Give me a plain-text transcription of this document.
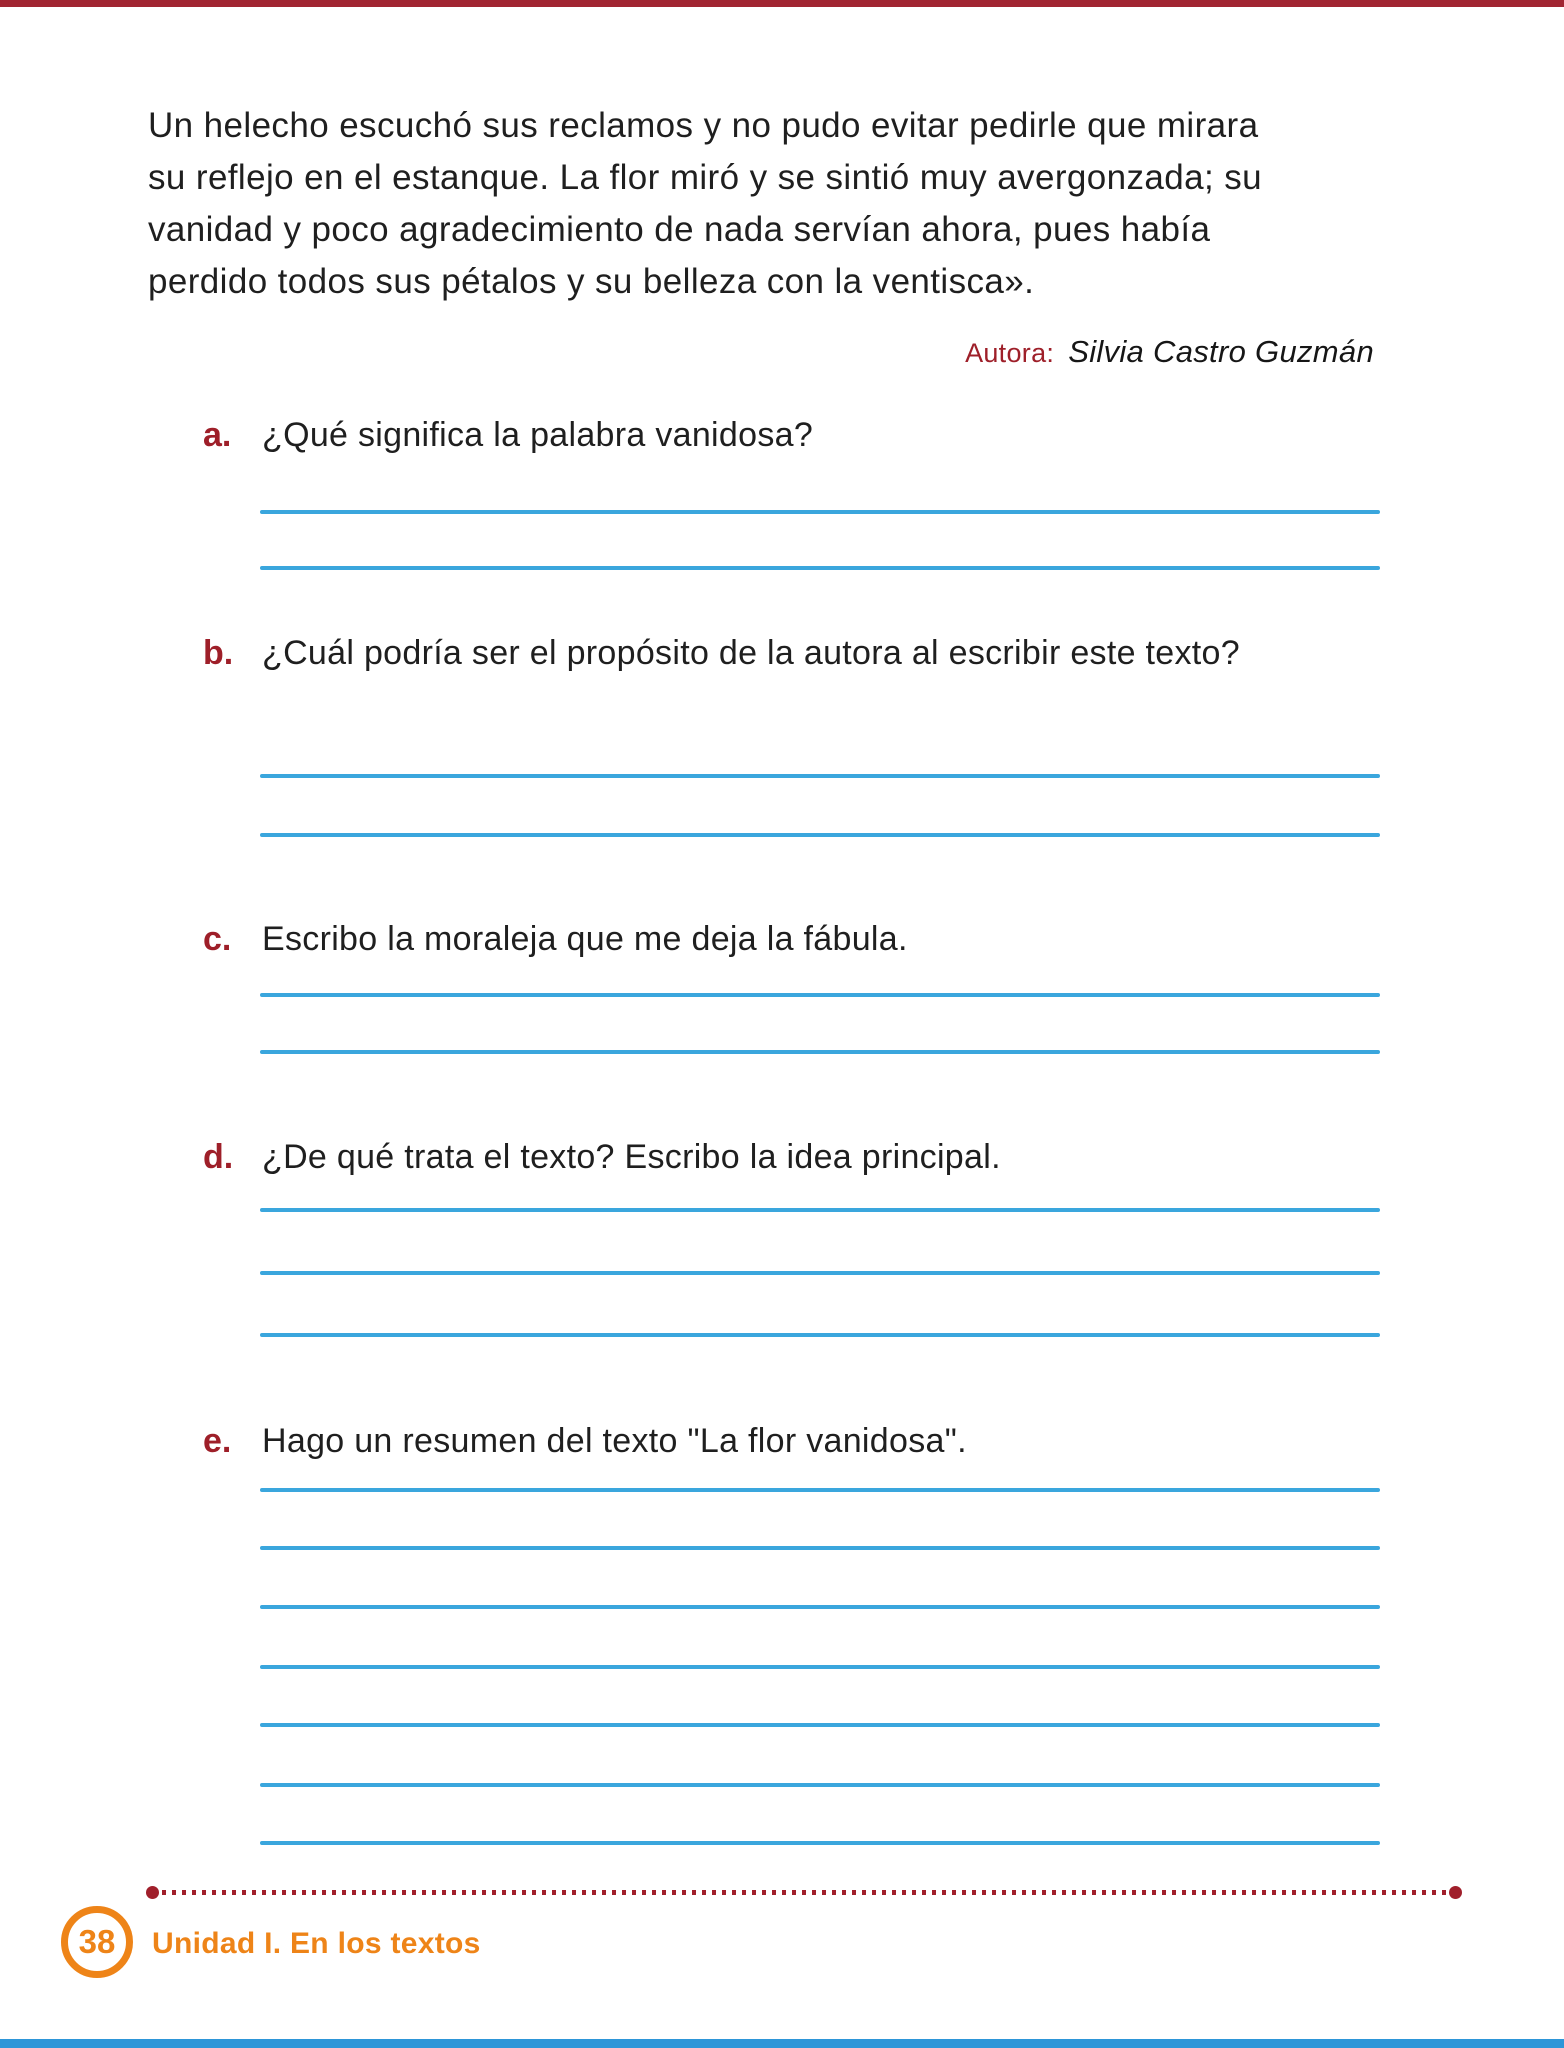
Un helecho escuchó sus reclamos y no pudo evitar pedirle que mirara
su reflejo en el estanque. La flor miró y se sintió muy avergonzada; su
vanidad y poco agradecimiento de nada servían ahora, pues había
perdido todos sus pétalos y su belleza con la ventisca».
Autora: Silvia Castro Guzmán
a. ¿Qué significa la palabra vanidosa?
b. ¿Cuál podría ser el propósito de la autora al escribir este texto?
c. Escribo la moraleja que me deja la fábula.
d. ¿De qué trata el texto? Escribo la idea principal.
e. Hago un resumen del texto "La flor vanidosa".
38 Unidad I. En los textos
